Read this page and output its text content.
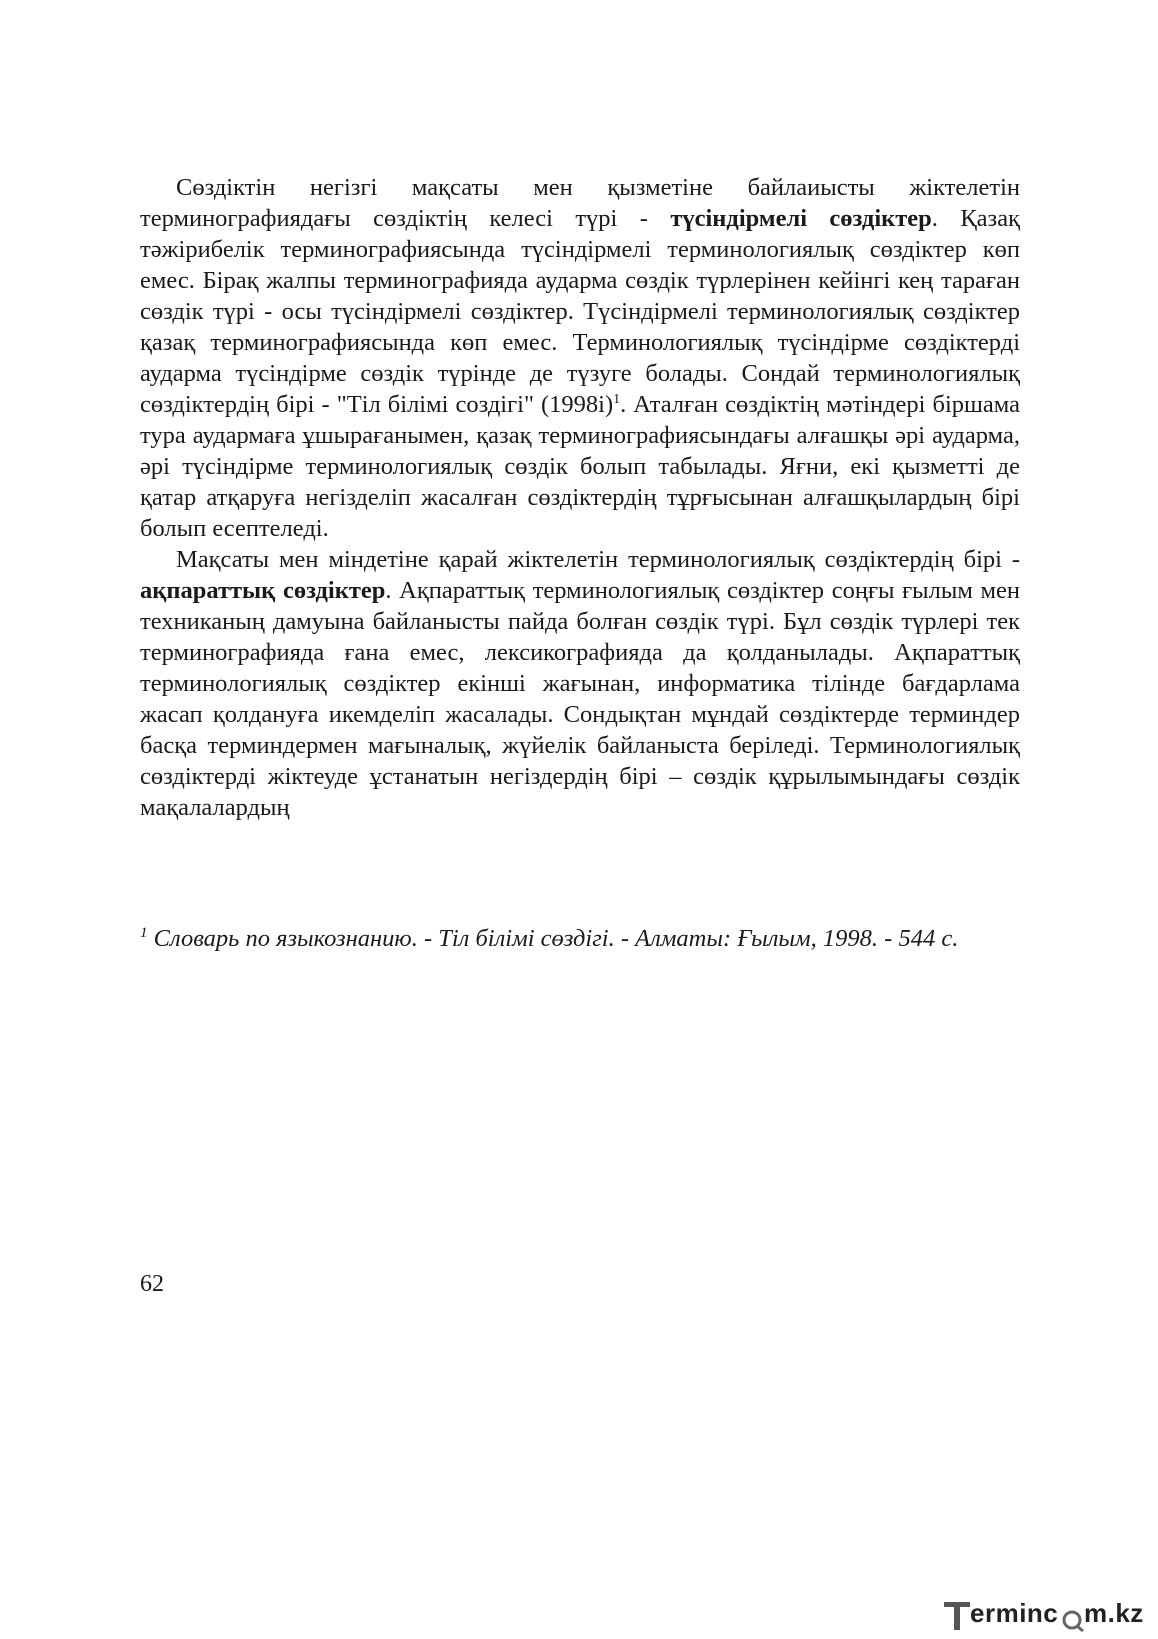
Сөздіктін негізгі мақсаты мен қызметіне байлаиысты жіктелетін терминографиядағы сөздіктің келесі түрі - түсіндірмелі сөздіктер. Қазақ тәжірибелік терминографиясында түсіндірмелі терминологиялық сөздіктер көп емес. Бірақ жалпы терминографияда аударма сөздік түрлерінен кейінгі кең тараған сөздік түрі - осы түсіндірмелі сөздіктер. Түсіндірмелі терминологиялық сөздіктер қазақ терминографиясында көп емес. Терминологиялық түсіндірме сөздіктерді аударма түсіндірме сөздік түрінде де түзуге болады. Сондай терминологиялық сөздіктердің бірі - "Тіл білімі создігі" $(1998і)^1$. Аталған сөздіктің мәтіндері біршама тура аудармаға ұшырағанымен, қазақ терминографиясындағы алғашқы әрі аударма, әрі түсіндірме терминологиялық сөздік болып табылады. Яғни, екі қызметті де қатар атқаруға негізделіп жасалған сөздіктердің тұрғысынан алғашқылардың бірі болып есептеледі.

Мақсаты мен міндетіне қарай жіктелетін терминологиялық сөздіктердің бірі - ақпараттық сөздіктер. Ақпараттық терминологиялық сөздіктер соңғы ғылым мен техниканың дамуына байланысты пайда болған сөздік түрі. Бұл сөздік түрлері тек терминографияда ғана емес, лексикографияда да қолданылады. Ақпараттық терминологиялық сөздіктер екінші жағынан, информатика тілінде бағдарлама жасап қолдануға икемделіп жасалады. Сондықтан мұндай сөздіктерде терминдер басқа терминдермен мағыналық, жүйелік байланыста беріледі. Терминологиялық сөздіктерді жіктеуде ұстанатын негіздердің бірі – сөздік құрылымындағы сөздік мақалалардың

$^1$ Словарь по языкознанию. - Тіл білімі сөздігі. - Алматы: Ғылым, 1998. - 544 с.
62
erminc m.kz
